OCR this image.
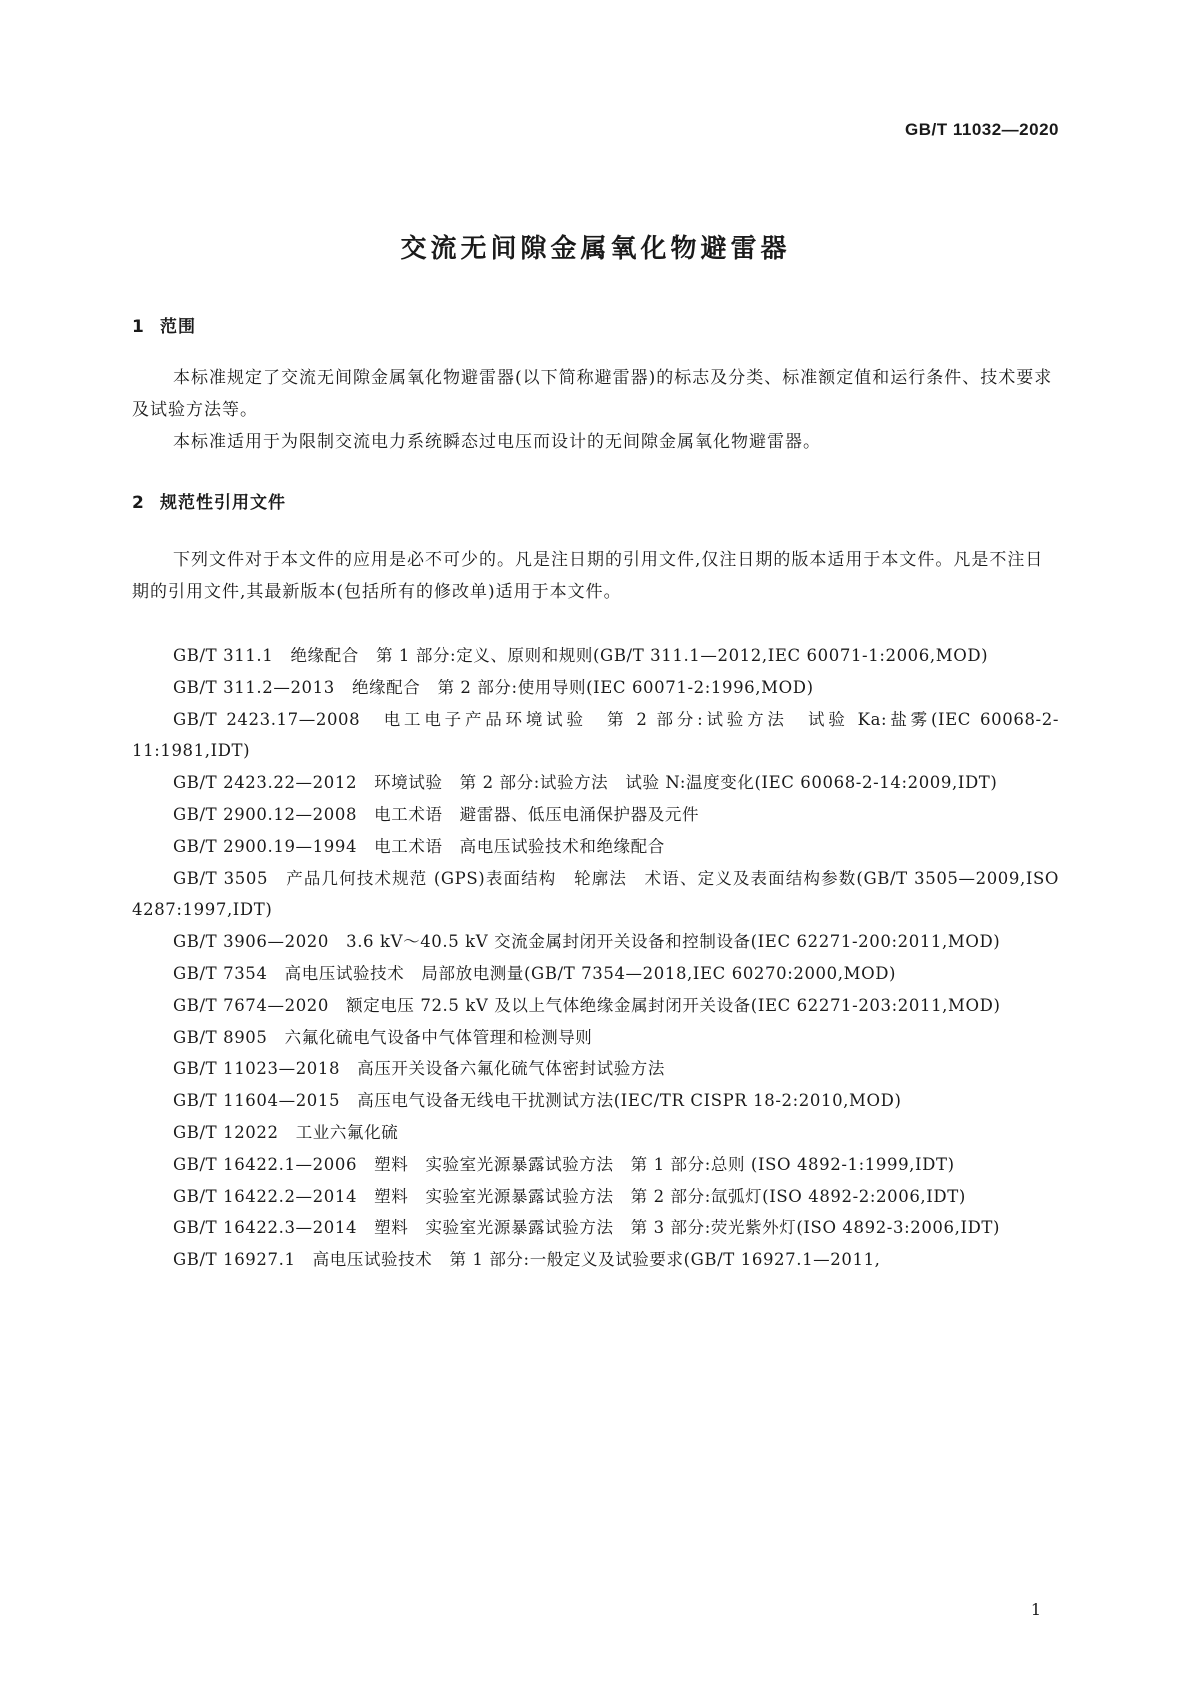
GB/T 11032—2020
交流无间隙金属氧化物避雷器
1 范围
本标准规定了交流无间隙金属氧化物避雷器(以下简称避雷器)的标志及分类、标准额定值和运行条件、技术要求及试验方法等。
本标准适用于为限制交流电力系统瞬态过电压而设计的无间隙金属氧化物避雷器。
2 规范性引用文件
下列文件对于本文件的应用是必不可少的。凡是注日期的引用文件,仅注日期的版本适用于本文件。凡是不注日期的引用文件,其最新版本(包括所有的修改单)适用于本文件。

GB/T 311.1　绝缘配合　第 1 部分:定义、原则和规则(GB/T 311.1—2012,IEC 60071-1:2006,MOD)

GB/T 311.2—2013　绝缘配合　第 2 部分:使用导则(IEC 60071-2:1996,MOD)

GB/T 2423.17—2008　电工电子产品环境试验　第 2 部分:试验方法　试验 Ka:盐雾(IEC 60068-2-11:1981,IDT)

GB/T 2423.22—2012　环境试验　第 2 部分:试验方法　试验 N:温度变化(IEC 60068-2-14:2009,IDT)

GB/T 2900.12—2008　电工术语　避雷器、低压电涌保护器及元件

GB/T 2900.19—1994　电工术语　高电压试验技术和绝缘配合

GB/T 3505　产品几何技术规范 (GPS)表面结构　轮廓法　术语、定义及表面结构参数(GB/T 3505—2009,ISO 4287:1997,IDT)

GB/T 3906—2020　3.6 kV～40.5 kV 交流金属封闭开关设备和控制设备(IEC 62271-200:2011,MOD)

GB/T 7354　高电压试验技术　局部放电测量(GB/T 7354—2018,IEC 60270:2000,MOD)

GB/T 7674—2020　额定电压 72.5 kV 及以上气体绝缘金属封闭开关设备(IEC 62271-203:2011,MOD)

GB/T 8905　六氟化硫电气设备中气体管理和检测导则

GB/T 11023—2018　高压开关设备六氟化硫气体密封试验方法

GB/T 11604—2015　高压电气设备无线电干扰测试方法(IEC/TR CISPR 18-2:2010,MOD)

GB/T 12022　工业六氟化硫

GB/T 16422.1—2006　塑料　实验室光源暴露试验方法　第 1 部分:总则 (ISO 4892-1:1999,IDT)

GB/T 16422.2—2014　塑料　实验室光源暴露试验方法　第 2 部分:氙弧灯(ISO 4892-2:2006,IDT)

GB/T 16422.3—2014　塑料　实验室光源暴露试验方法　第 3 部分:荧光紫外灯(ISO 4892-3:2006,IDT)

GB/T 16927.1　高电压试验技术　第 1 部分:一般定义及试验要求(GB/T 16927.1—2011,

1
